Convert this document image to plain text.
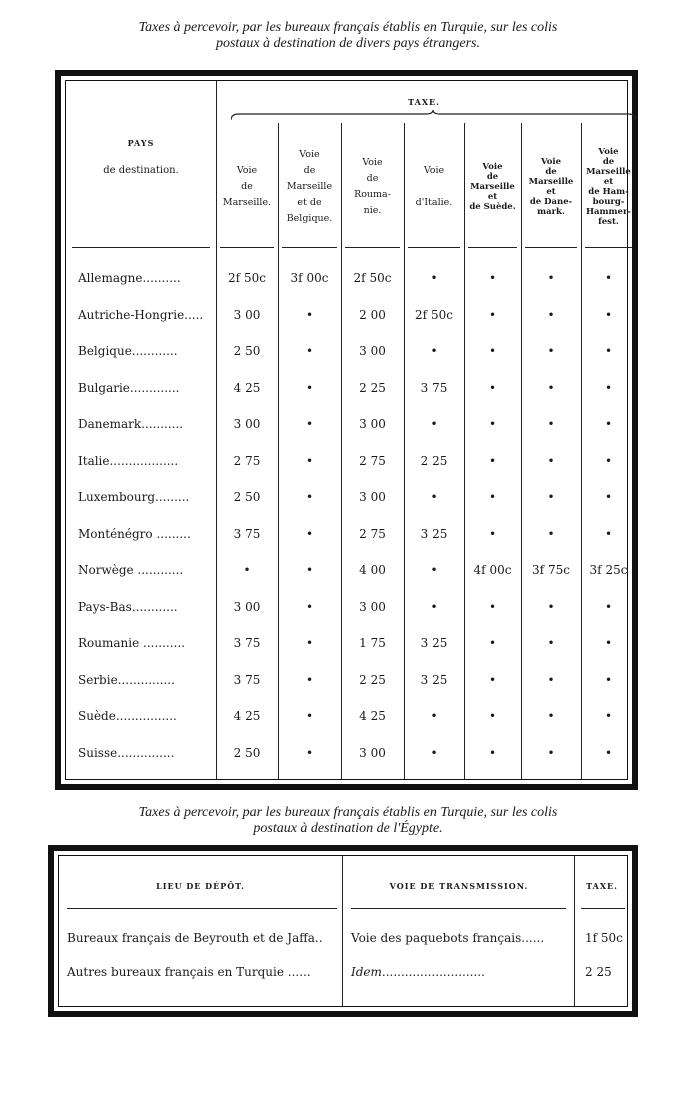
Taxes à percevoir, par les bureaux français établis en Turquie, sur les colis
postaux à destination de divers pays étrangers.
PAYS
de destination.
TAXE.
Voie
de
Marseille.
Voie
de
Marseille
et de
Belgique.
Voie
de
Rouma-
nie.
Voie

d'Italie.
Voie
de
Marseille
et
de Suède.
Voie
de
Marseille
et
de Dane-
mark.
Voie
de
Marseille
et
de Ham-
bourg-
Hammer-
fest.
Allemagne..........	2f 50c	3f 00c	2f 50c	•	•	•	•
Autriche-Hongrie.....	3 00	•	2 00	2f 50c	•	•	•
Belgique............	2 50	•	3 00	•	•	•	•
Bulgarie.............	4 25	•	2 25	3 75	•	•	•
Danemark...........	3 00	•	3 00	•	•	•	•
Italie..................	2 75	•	2 75	2 25	•	•	•
Luxembourg.........	2 50	•	3 00	•	•	•	•
Monténégro .........	3 75	•	2 75	3 25	•	•	•
Norwège ............	•	•	4 00	•	4f 00c	3f 75c	3f 25c
Pays-Bas............	3 00	•	3 00	•	•	•	•
Roumanie ...........	3 75	•	1 75	3 25	•	•	•
Serbie...............	3 75	•	2 25	3 25	•	•	•
Suède................	4 25	•	4 25	•	•	•	•
Suisse...............	2 50	•	3 00	•	•	•	•
Taxes à percevoir, par les bureaux français établis en Turquie, sur les colis
postaux à destination de l'Égypte.
LIEU DE DÉPÔT.	VOIE DE TRANSMISSION.	TAXE.
Bureaux français de Beyrouth et de Jaffa.. Voie des paquebots français......	1f 50c
Autres bureaux français en Turquie ......	Idem...........................	2 25
